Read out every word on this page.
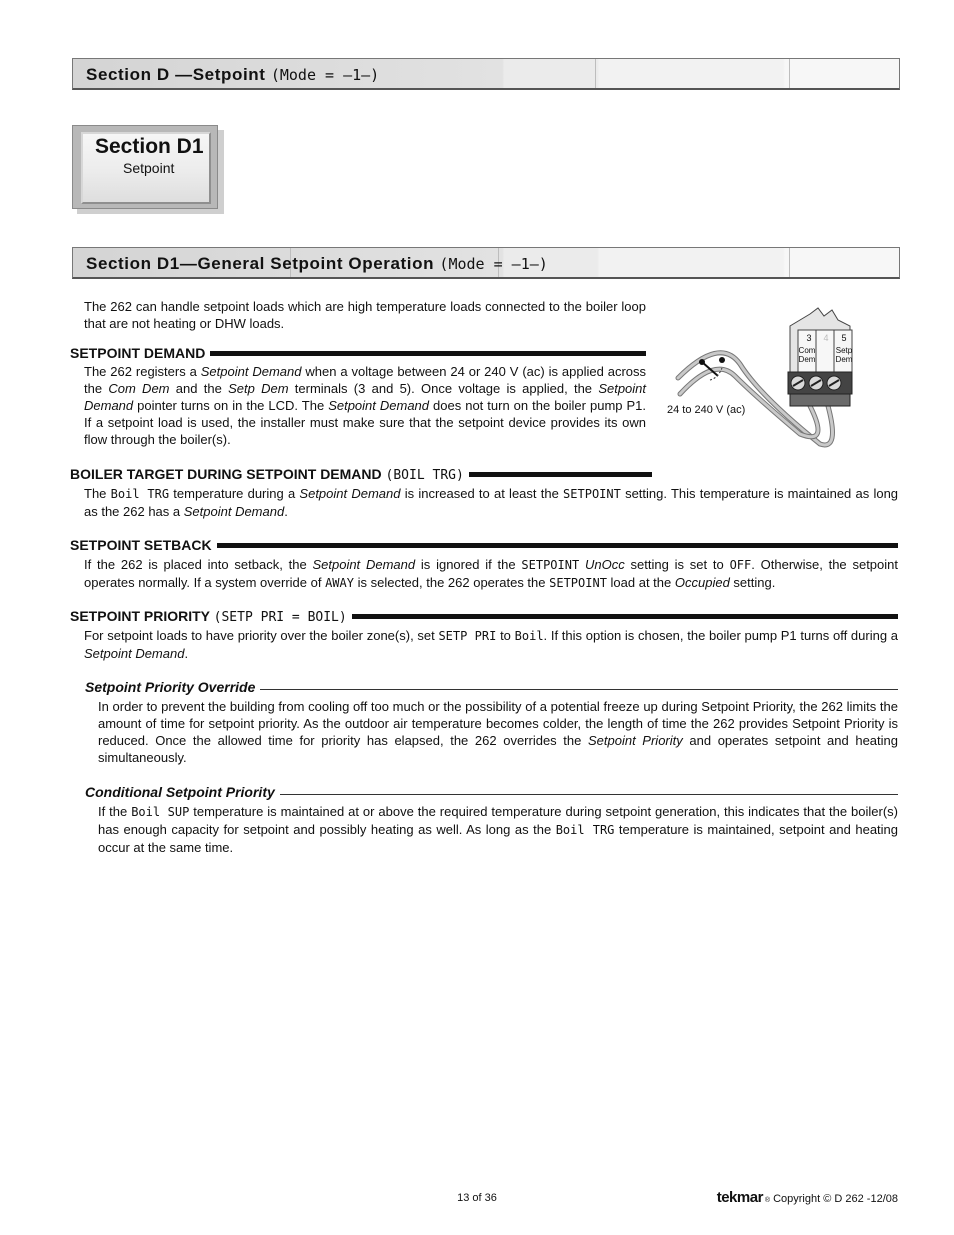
Section D —Setpoint (Mode = —1—)
Section D1
Setpoint
Section D1—General Setpoint Operation (Mode = —1—)
The 262 can handle setpoint loads which are high temperature loads connected to the boiler loop that are not heating or DHW loads.
SETPOINT DEMAND
The 262 registers a Setpoint Demand when a voltage between 24 or 240 V (ac) is applied across the Com Dem and the Setp Dem terminals (3 and 5). Once voltage is applied, the Setpoint Demand pointer turns on in the LCD. The Setpoint Demand does not turn on the boiler pump P1. If a setpoint load is used, the installer must make sure that the setpoint device provides its own flow through the boiler(s).
3 4 5
Com
Dem
Setp
Dem
24 to 240 V (ac)
BOILER TARGET DURING SETPOINT DEMAND (BOIL TRG)
The Boil TRG temperature during a Setpoint Demand is increased to at least the SETPOINT setting. This temperature is maintained as long as the 262 has a Setpoint Demand.
SETPOINT SETBACK
If the 262 is placed into setback, the Setpoint Demand is ignored if the SETPOINT UnOcc setting is set to OFF. Otherwise, the setpoint operates normally. If a system override of AWAY is selected, the 262 operates the SETPOINT load at the Occupied setting.
SETPOINT PRIORITY (SETP PRI = BOIL)
For setpoint loads to have priority over the boiler zone(s), set SETP PRI to Boil. If this option is chosen, the boiler pump P1 turns off during a Setpoint Demand.
Setpoint Priority Override
In order to prevent the building from cooling off too much or the possibility of a potential freeze up during Setpoint Priority, the 262 limits the amount of time for setpoint priority. As the outdoor air temperature becomes colder, the length of time the 262 provides Setpoint Priority is reduced. Once the allowed time for priority has elapsed, the 262 overrides the Setpoint Priority and operates setpoint and heating simultaneously.
Conditional Setpoint Priority
If the Boil SUP temperature is maintained at or above the required temperature during setpoint generation, this indicates that the boiler(s) has enough capacity for setpoint and possibly heating as well. As long as the Boil TRG temperature is maintained, setpoint and heating occur at the same time.
13 of 36	tekmar ® Copyright © D 262 -12/08
